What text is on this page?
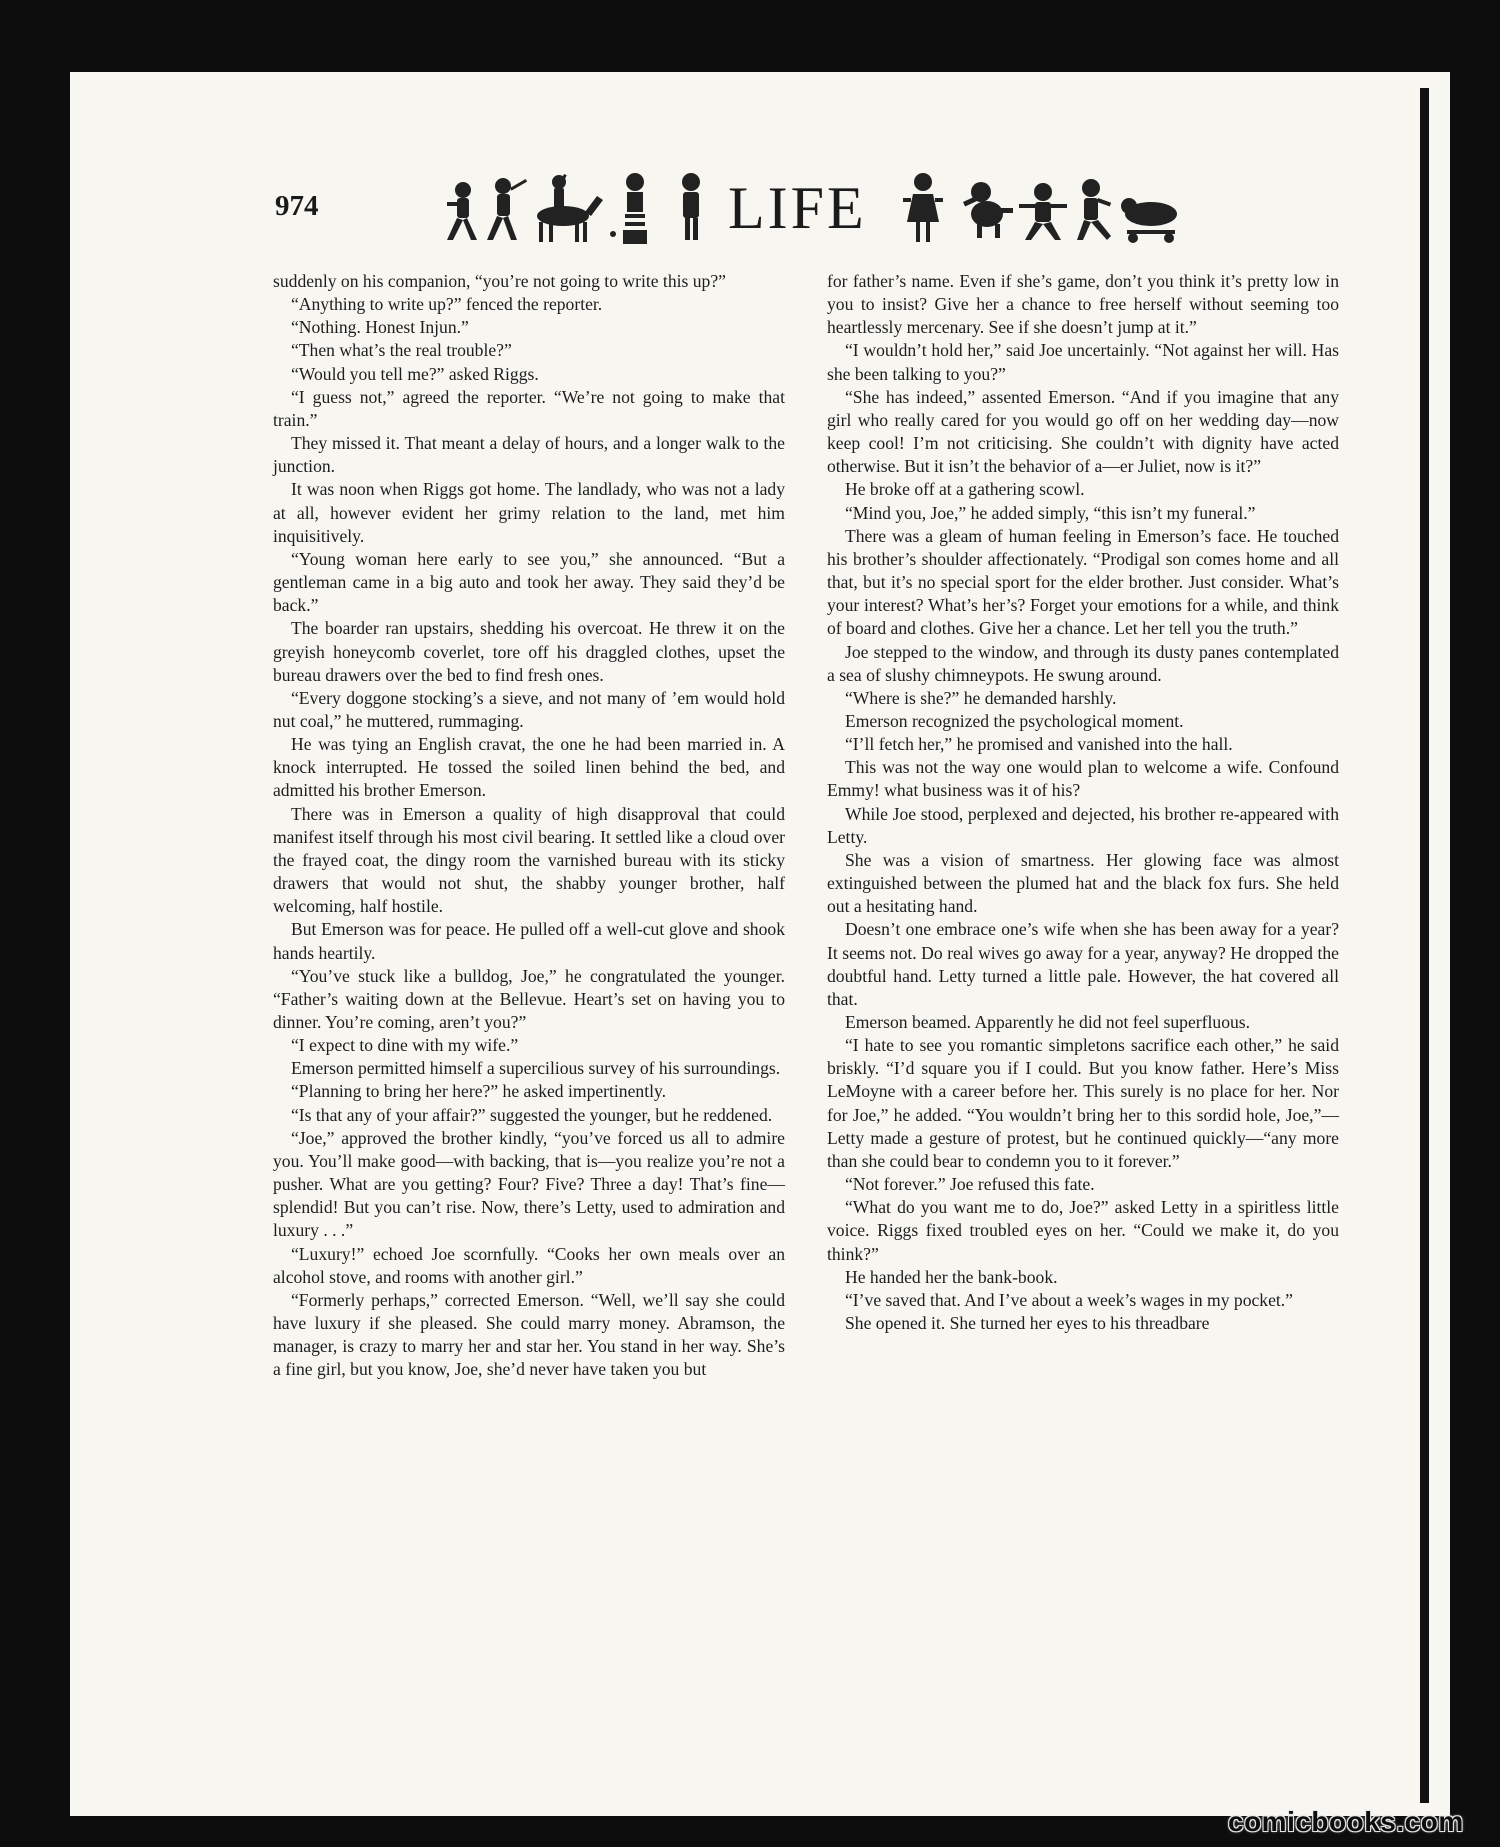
974	LIFE

suddenly on his companion, “you’re not going to write this up?”

“Anything to write up?” fenced the reporter.

“Nothing. Honest Injun.”

“Then what’s the real trouble?”

“Would you tell me?” asked Riggs.

“I guess not,” agreed the reporter. “We’re not going to make that train.”

They missed it. That meant a delay of hours, and a longer walk to the junction.

It was noon when Riggs got home. The landlady, who was not a lady at all, however evident her grimy relation to the land, met him inquisitively.

“Young woman here early to see you,” she announced. “But a gentleman came in a big auto and took her away. They said they’d be back.”

The boarder ran upstairs, shedding his overcoat. He threw it on the greyish honeycomb coverlet, tore off his draggled clothes, upset the bureau drawers over the bed to find fresh ones.

“Every doggone stocking’s a sieve, and not many of ’em would hold nut coal,” he muttered, rummaging.

He was tying an English cravat, the one he had been married in. A knock interrupted. He tossed the soiled linen behind the bed, and admitted his brother Emerson.

There was in Emerson a quality of high disapproval that could manifest itself through his most civil bearing. It settled like a cloud over the frayed coat, the dingy room the varnished bureau with its sticky drawers that would not shut, the shabby younger brother, half welcoming, half hostile.

But Emerson was for peace. He pulled off a well-cut glove and shook hands heartily.

“You’ve stuck like a bulldog, Joe,” he congratulated the younger. “Father’s waiting down at the Bellevue. Heart’s set on having you to dinner. You’re coming, aren’t you?”

“I expect to dine with my wife.”

Emerson permitted himself a supercilious survey of his surroundings.

“Planning to bring her here?” he asked impertinently.

“Is that any of your affair?” suggested the younger, but he reddened.

“Joe,” approved the brother kindly, “you’ve forced us all to admire you. You’ll make good—with backing, that is—you realize you’re not a pusher. What are you getting? Four? Five? Three a day! That’s fine—splendid! But you can’t rise. Now, there’s Letty, used to admiration and luxury . . .”

“Luxury!” echoed Joe scornfully. “Cooks her own meals over an alcohol stove, and rooms with another girl.”

“Formerly perhaps,” corrected Emerson. “Well, we’ll say she could have luxury if she pleased. She could marry money. Abramson, the manager, is crazy to marry her and star her. You stand in her way. She’s a fine girl, but you know, Joe, she’d never have taken you but

for father’s name. Even if she’s game, don’t you think it’s pretty low in you to insist? Give her a chance to free herself without seeming too heartlessly mercenary. See if she doesn’t jump at it.”

“I wouldn’t hold her,” said Joe uncertainly. “Not against her will. Has she been talking to you?”

“She has indeed,” assented Emerson. “And if you imagine that any girl who really cared for you would go off on her wedding day—now keep cool! I’m not criticising. She couldn’t with dignity have acted otherwise. But it isn’t the behavior of a—er Juliet, now is it?”

He broke off at a gathering scowl.

“Mind you, Joe,” he added simply, “this isn’t my funeral.”

There was a gleam of human feeling in Emerson’s face. He touched his brother’s shoulder affectionately. “Prodigal son comes home and all that, but it’s no special sport for the elder brother. Just consider. What’s your interest? What’s her’s? Forget your emotions for a while, and think of board and clothes. Give her a chance. Let her tell you the truth.”

Joe stepped to the window, and through its dusty panes contemplated a sea of slushy chimneypots. He swung around.

“Where is she?” he demanded harshly.

Emerson recognized the psychological moment.

“I’ll fetch her,” he promised and vanished into the hall.

This was not the way one would plan to welcome a wife. Confound Emmy! what business was it of his?

While Joe stood, perplexed and dejected, his brother re-appeared with Letty.

She was a vision of smartness. Her glowing face was almost extinguished between the plumed hat and the black fox furs. She held out a hesitating hand.

Doesn’t one embrace one’s wife when she has been away for a year? It seems not. Do real wives go away for a year, anyway? He dropped the doubtful hand. Letty turned a little pale. However, the hat covered all that.

Emerson beamed. Apparently he did not feel superfluous.

“I hate to see you romantic simpletons sacrifice each other,” he said briskly. “I’d square you if I could. But you know father. Here’s Miss LeMoyne with a career before her. This surely is no place for her. Nor for Joe,” he added. “You wouldn’t bring her to this sordid hole, Joe,”—Letty made a gesture of protest, but he continued quickly—“any more than she could bear to condemn you to it forever.”

“Not forever.” Joe refused this fate.

“What do you want me to do, Joe?” asked Letty in a spiritless little voice. Riggs fixed troubled eyes on her. “Could we make it, do you think?”

He handed her the bank-book.

“I’ve saved that. And I’ve about a week’s wages in my pocket.”

She opened it. She turned her eyes to his threadbare

comicbooks.com
